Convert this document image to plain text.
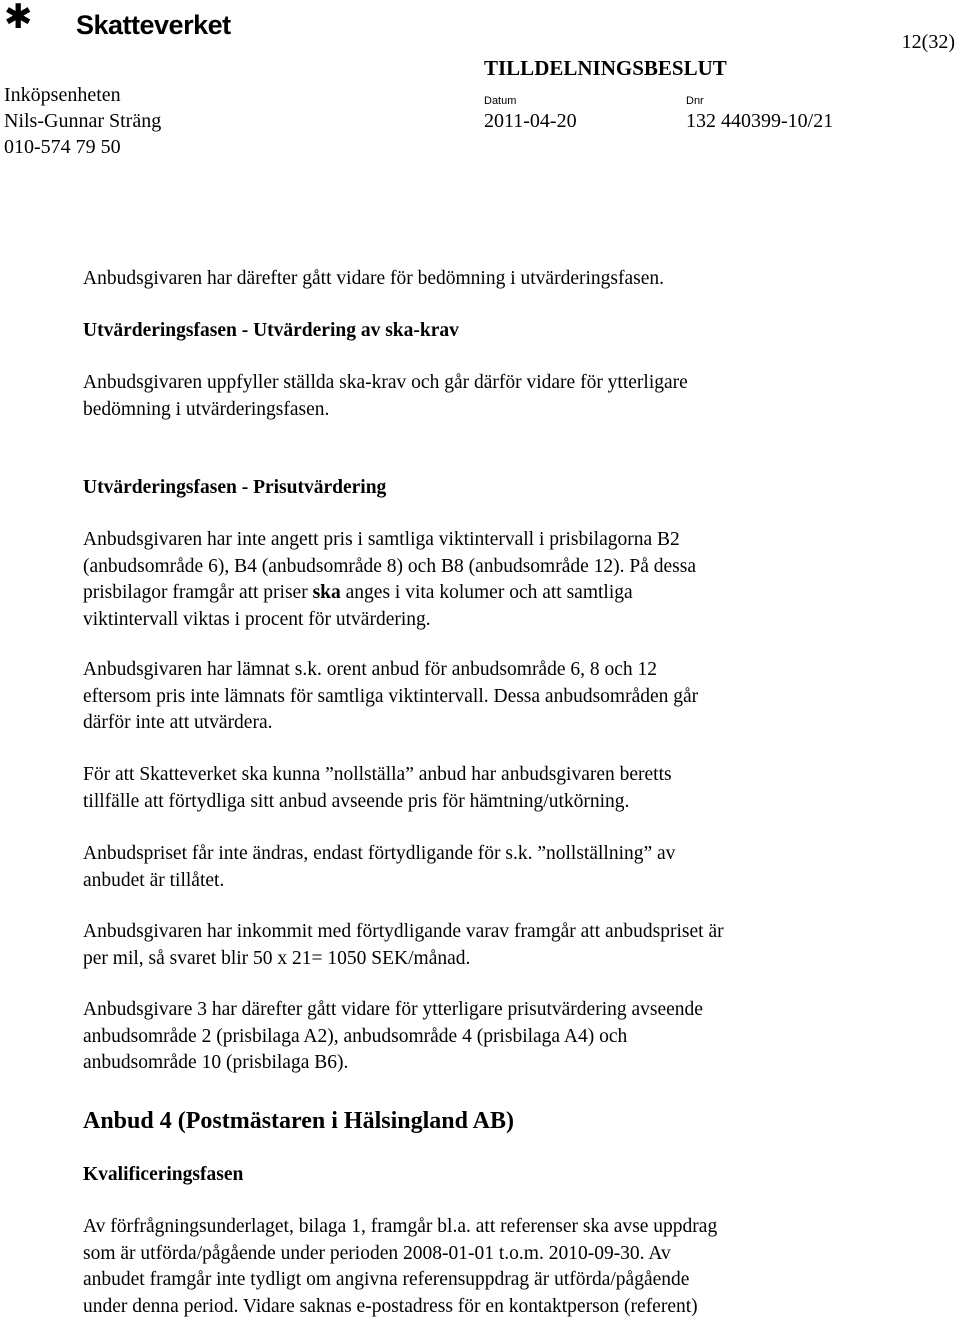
✱ Skatteverket
12(32)
Inköpsenheten
Nils-Gunnar Sträng
010-574 79 50
TILLDELNINGSBESLUT
Datum	Dnr
2011-04-20	132 440399-10/21

Anbudsgivaren har därefter gått vidare för bedömning i utvärderingsfasen.

Utvärderingsfasen - Utvärdering av ska-krav

Anbudsgivaren uppfyller ställda ska-krav och går därför vidare för ytterligare

bedömning i utvärderingsfasen.

Utvärderingsfasen - Prisutvärdering

Anbudsgivaren har inte angett pris i samtliga viktintervall i prisbilagorna B2

(anbudsområde 6), B4 (anbudsområde 8) och B8 (anbudsområde 12). På dessa

prisbilagor framgår att priser ska anges i vita kolumer och att samtliga

viktintervall viktas i procent för utvärdering.

Anbudsgivaren har lämnat s.k. orent anbud för anbudsområde 6, 8 och 12

eftersom pris inte lämnats för samtliga viktintervall. Dessa anbudsområden går

därför inte att utvärdera.

För att Skatteverket ska kunna ”nollställa” anbud har anbudsgivaren beretts

tillfälle att förtydliga sitt anbud avseende pris för hämtning/utkörning.

Anbudspriset får inte ändras, endast förtydligande för s.k. ”nollställning” av

anbudet är tillåtet.

Anbudsgivaren har inkommit med förtydligande varav framgår att anbudspriset är

per mil, så svaret blir 50 x 21= 1050 SEK/månad.

Anbudsgivare 3 har därefter gått vidare för ytterligare prisutvärdering avseende

anbudsområde 2 (prisbilaga A2), anbudsområde 4 (prisbilaga A4) och

anbudsområde 10 (prisbilaga B6).

Anbud 4 (Postmästaren i Hälsingland AB)
Kvalificeringsfasen

Av förfrågningsunderlaget, bilaga 1, framgår bl.a. att referenser ska avse uppdrag

som är utförda/pågående under perioden 2008-01-01 t.o.m. 2010-09-30. Av

anbudet framgår inte tydligt om angivna referensuppdrag är utförda/pågående

under denna period. Vidare saknas e-postadress för en kontaktperson (referent)
